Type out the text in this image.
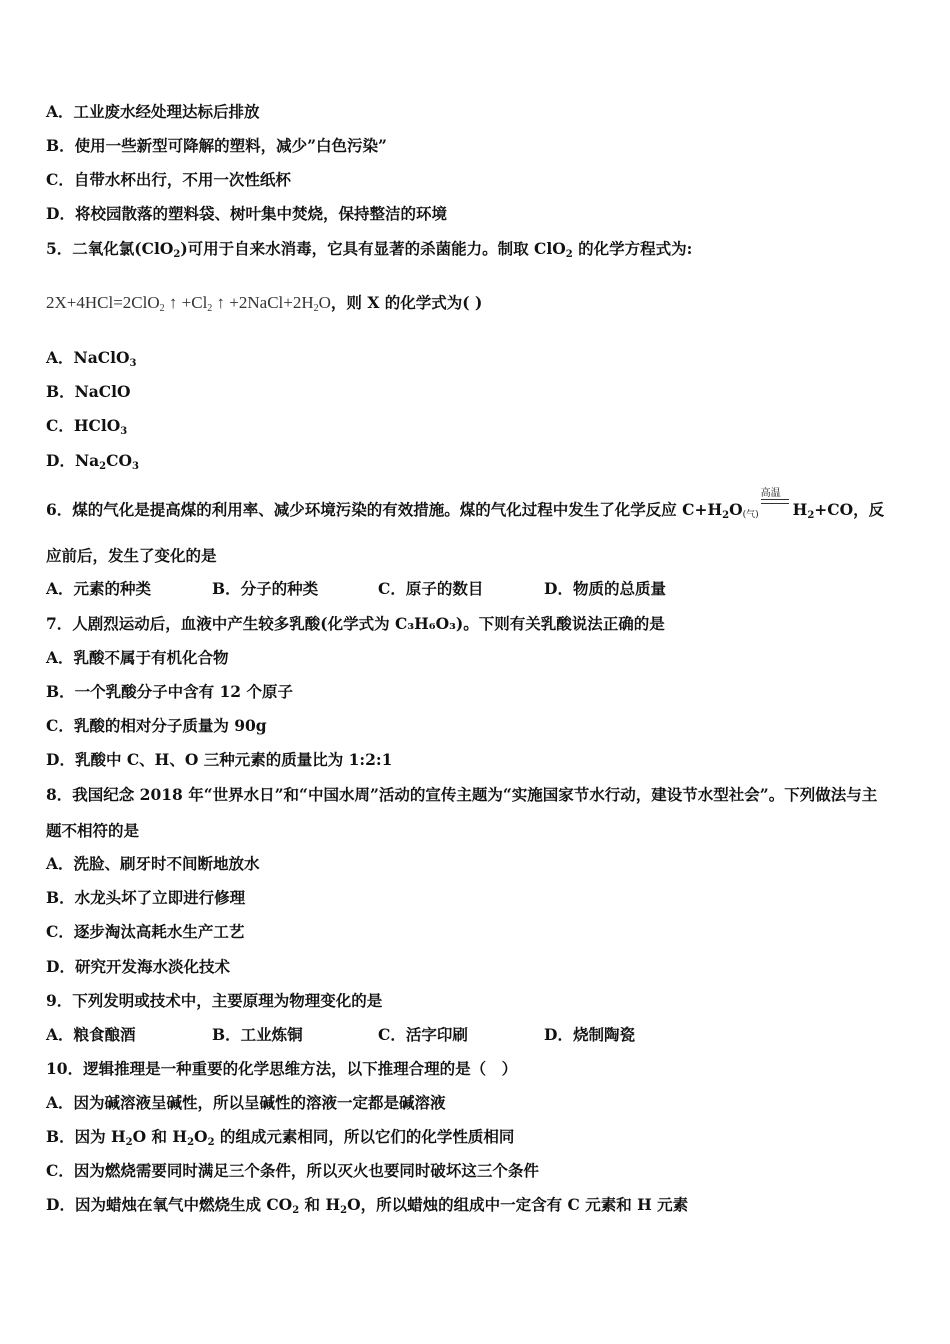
A．工业废水经处理达标后排放
B．使用一些新型可降解的塑料，减少”白色污染”
C．自带水杯出行，不用一次性纸杯
D．将校园散落的塑料袋、树叶集中焚烧，保持整洁的环境
5．二氧化氯(ClO$_2$)可用于自来水消毒，它具有显著的杀菌能力。制取 ClO$_2$ 的化学方程式为:
2X+4HCl=2ClO$_2$ ↑ $+Cl_2$ ↑ $+2NaCl+2H_2O$，则 X 的化学式为( )
A．NaClO$_3$
B．NaClO
C．HClO$_3$
D．$Na_2CO_3$
6．煤的气化是提高煤的利用率、减少环境污染的有效措施。煤的气化过程中发生了化学反应 $C+H_2O$(气)
高温
$H_2+CO$，反
应前后，发生了变化的是
A．元素的种类	B．分子的种类	C．原子的数目	D．物质的总质量
7．人剧烈运动后，血液中产生较多乳酸(化学式为 C₃H₆O₃)。下则有关乳酸说法正确的是
A．乳酸不属于有机化合物
B．一个乳酸分子中含有 12 个原子
C．乳酸的相对分子质量为 90g
D．乳酸中 C、H、O 三种元素的质量比为 1:2:1
8．我国纪念 2018 年“世界水日”和“中国水周”活动的宣传主题为“实施国家节水行动，建设节水型社会”。下列做法与主
题不相符的是
A．洗脸、刷牙时不间断地放水
B．水龙头坏了立即进行修理
C．逐步淘汰高耗水生产工艺
D．研究开发海水淡化技术
9．下列发明或技术中，主要原理为物理变化的是
A．粮食酿酒	B．工业炼铜	C．活字印刷	D．烧制陶瓷
10．逻辑推理是一种重要的化学思维方法，以下推理合理的是（　）
A．因为碱溶液呈碱性，所以呈碱性的溶液一定都是碱溶液
B．因为 $H_2O$ 和 $H_2O_2$ 的组成元素相同，所以它们的化学性质相同
C．因为燃烧需要同时满足三个条件，所以灭火也要同时破坏这三个条件
D．因为蜡烛在氧气中燃烧生成 $CO_2$ 和 $H_2O$，所以蜡烛的组成中一定含有 C 元素和 H 元素
